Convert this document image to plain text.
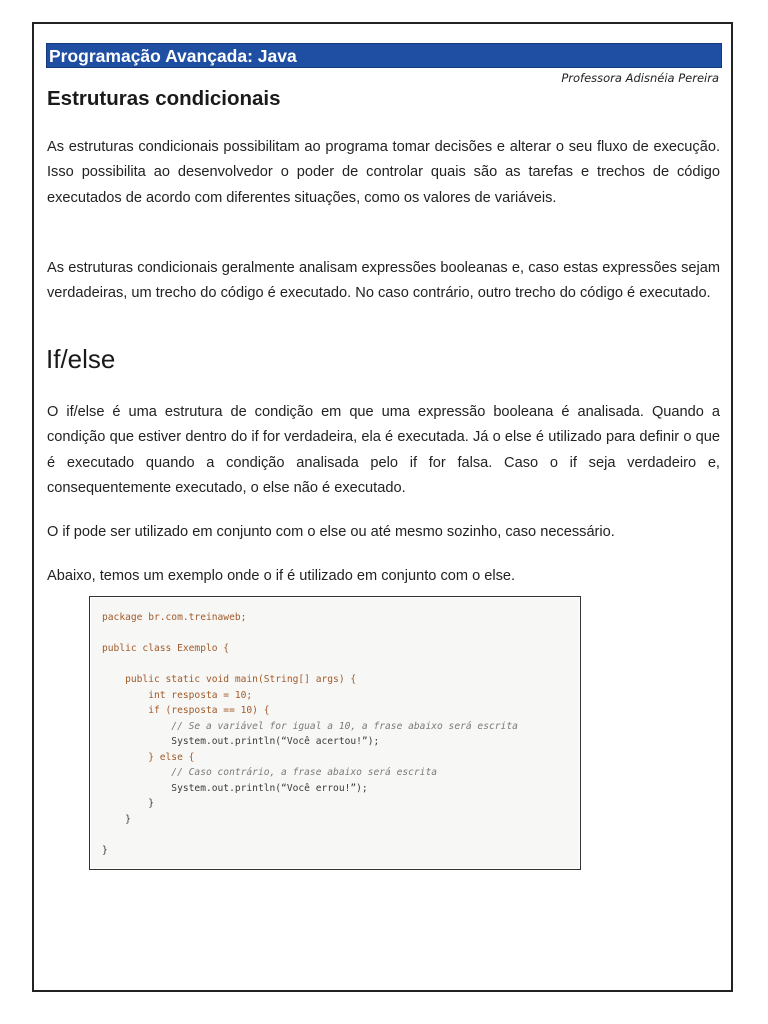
Programação Avançada: Java
Professora Adisnéia Pereira
Estruturas condicionais

As estruturas condicionais possibilitam ao programa tomar decisões e alterar o seu fluxo de execução. Isso possibilita ao desenvolvedor o poder de controlar quais são as tarefas e trechos de código executados de acordo com diferentes situações, como os valores de variáveis.

As estruturas condicionais geralmente analisam expressões booleanas e, caso estas expressões sejam verdadeiras, um trecho do código é executado. No caso contrário, outro trecho do código é executado.

If/else

O if/else é uma estrutura de condição em que uma expressão booleana é analisada. Quando a condição que estiver dentro do if for verdadeira, ela é executada. Já o else é utilizado para definir o que é executado quando a condição analisada pelo if for falsa. Caso o if seja verdadeiro e, consequentemente executado, o else não é executado.

O if pode ser utilizado em conjunto com o else ou até mesmo sozinho, caso necessário.

Abaixo, temos um exemplo onde o if é utilizado em conjunto com o else.

package br.com.treinaweb;
public class Exemplo {
public static void main(String[] args) {
int resposta = 10;
if (resposta == 10) {
// Se a variável for igual a 10, a frase abaixo será escrita
System.out.println(“Você acertou!”);
} else {
// Caso contrário, a frase abaixo será escrita
System.out.println(“Você errou!”);
}
}
}
